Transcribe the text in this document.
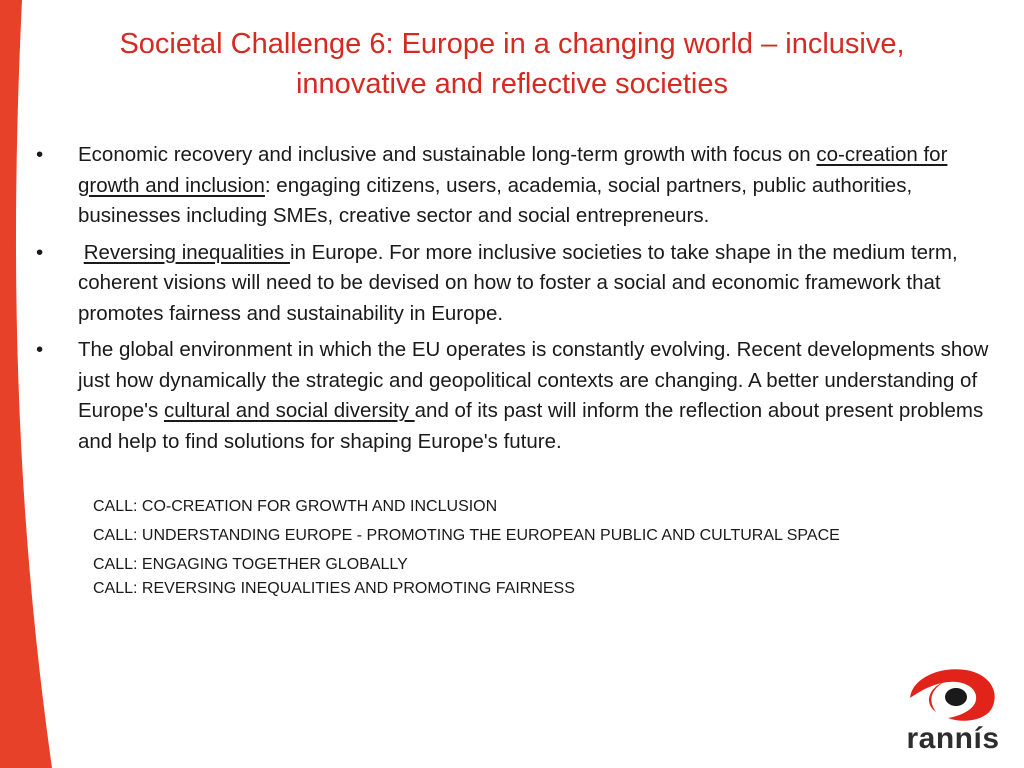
Societal Challenge 6: Europe in a changing world – inclusive,
innovative and reflective societies
•	Economic recovery and inclusive and sustainable long-term growth with focus on co-creation for growth and inclusion: engaging citizens, users, academia, social partners, public authorities, businesses including SMEs, creative sector and social entrepreneurs.
•	Reversing inequalities in Europe. For more inclusive societies to take shape in the medium term, coherent visions will need to be devised on how to foster a social and economic framework that promotes fairness and sustainability in Europe.
•	The global environment in which the EU operates is constantly evolving. Recent developments show just how dynamically the strategic and geopolitical contexts are changing. A better understanding of Europe's cultural and social diversity and of its past will inform the reflection about present problems and help to find solutions for shaping Europe's future.
CALL: CO-CREATION FOR GROWTH AND INCLUSION
CALL: UNDERSTANDING EUROPE - PROMOTING THE EUROPEAN PUBLIC AND CULTURAL SPACE
CALL: ENGAGING TOGETHER GLOBALLY
CALL: REVERSING INEQUALITIES AND PROMOTING FAIRNESS
rannís
